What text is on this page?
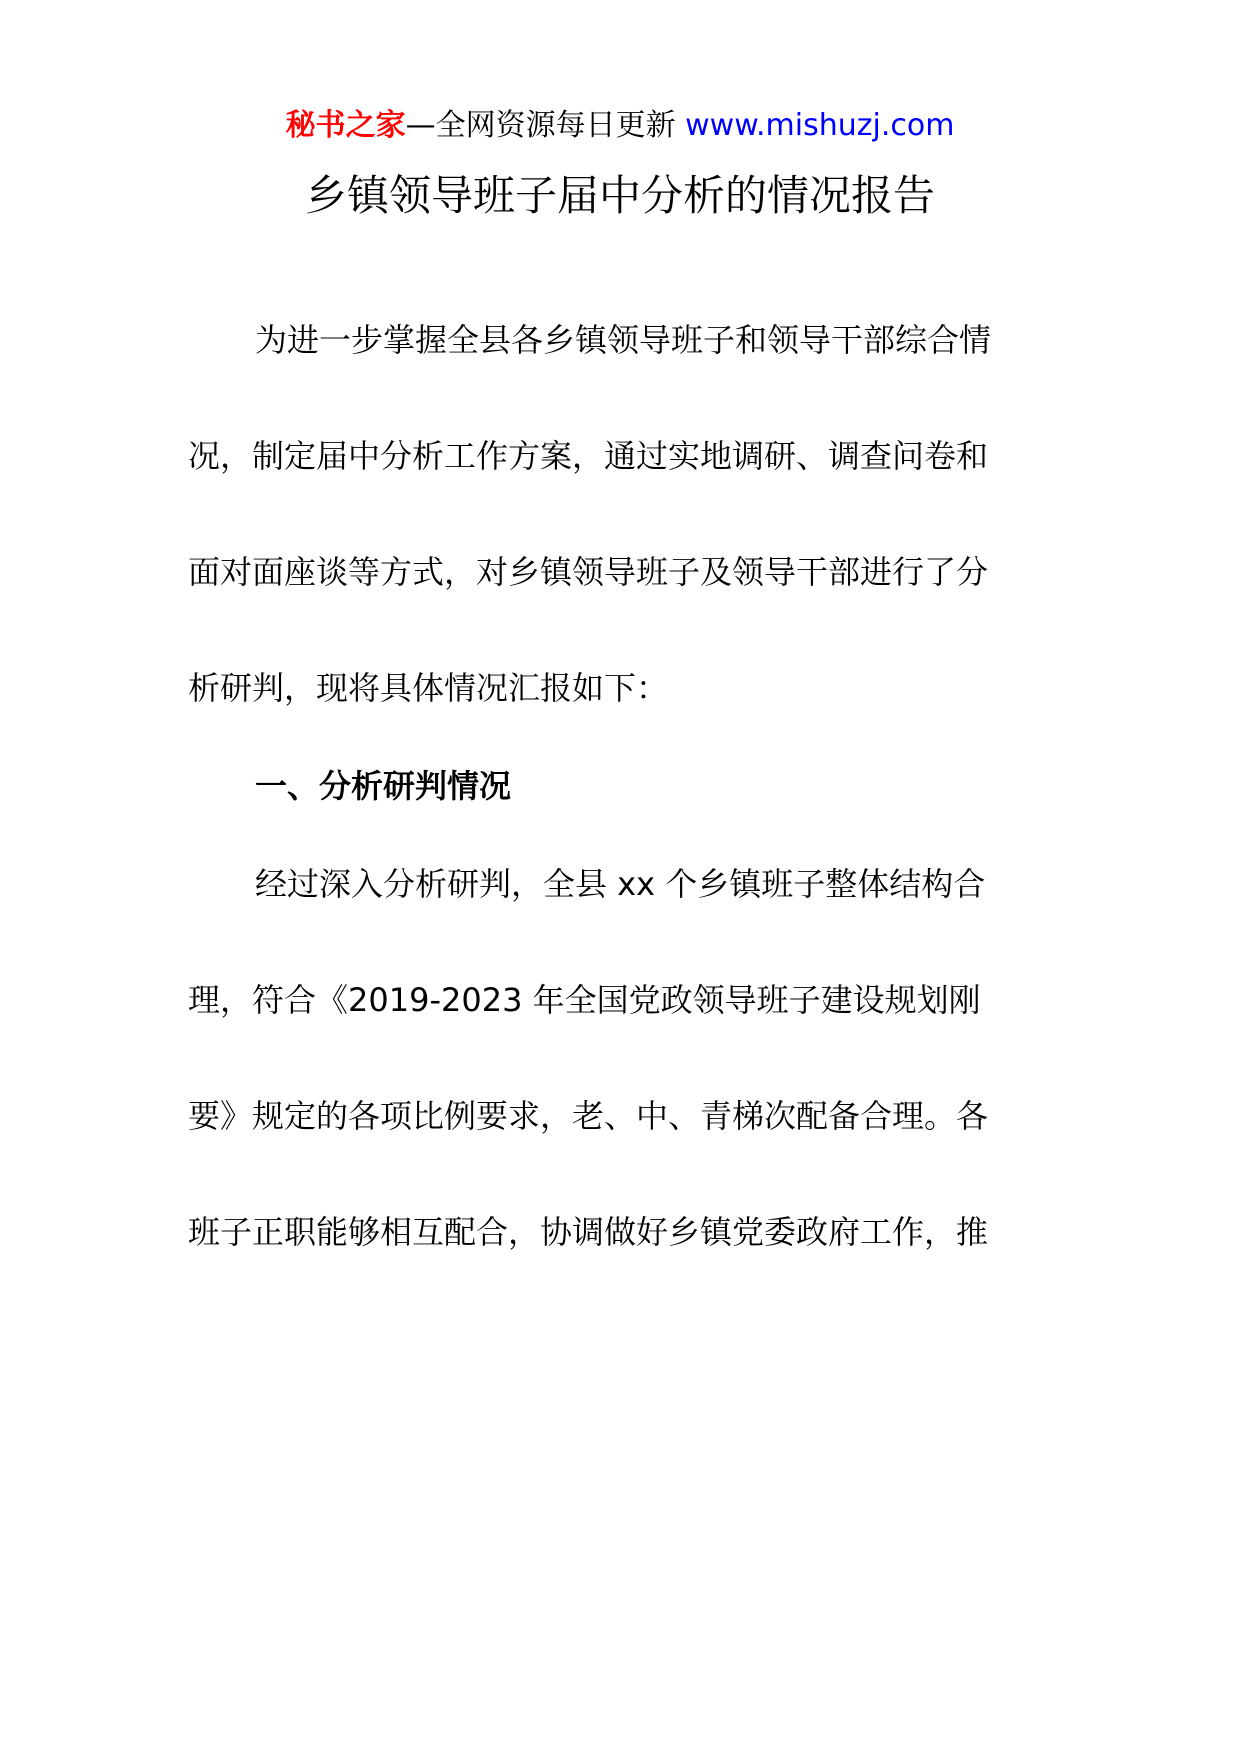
秘书之家—全网资源每日更新 www.mishuzj.com
乡镇领导班子届中分析的情况报告
为进一步掌握全县各乡镇领导班子和领导干部综合情
况，制定届中分析工作方案，通过实地调研、调查问卷和
面对面座谈等方式，对乡镇领导班子及领导干部进行了分
析研判，现将具体情况汇报如下：
一、分析研判情况
经过深入分析研判，全县 xx 个乡镇班子整体结构合
理，符合《2019-2023 年全国党政领导班子建设规划刚
要》规定的各项比例要求，老、中、青梯次配备合理。各
班子正职能够相互配合，协调做好乡镇党委政府工作，推
